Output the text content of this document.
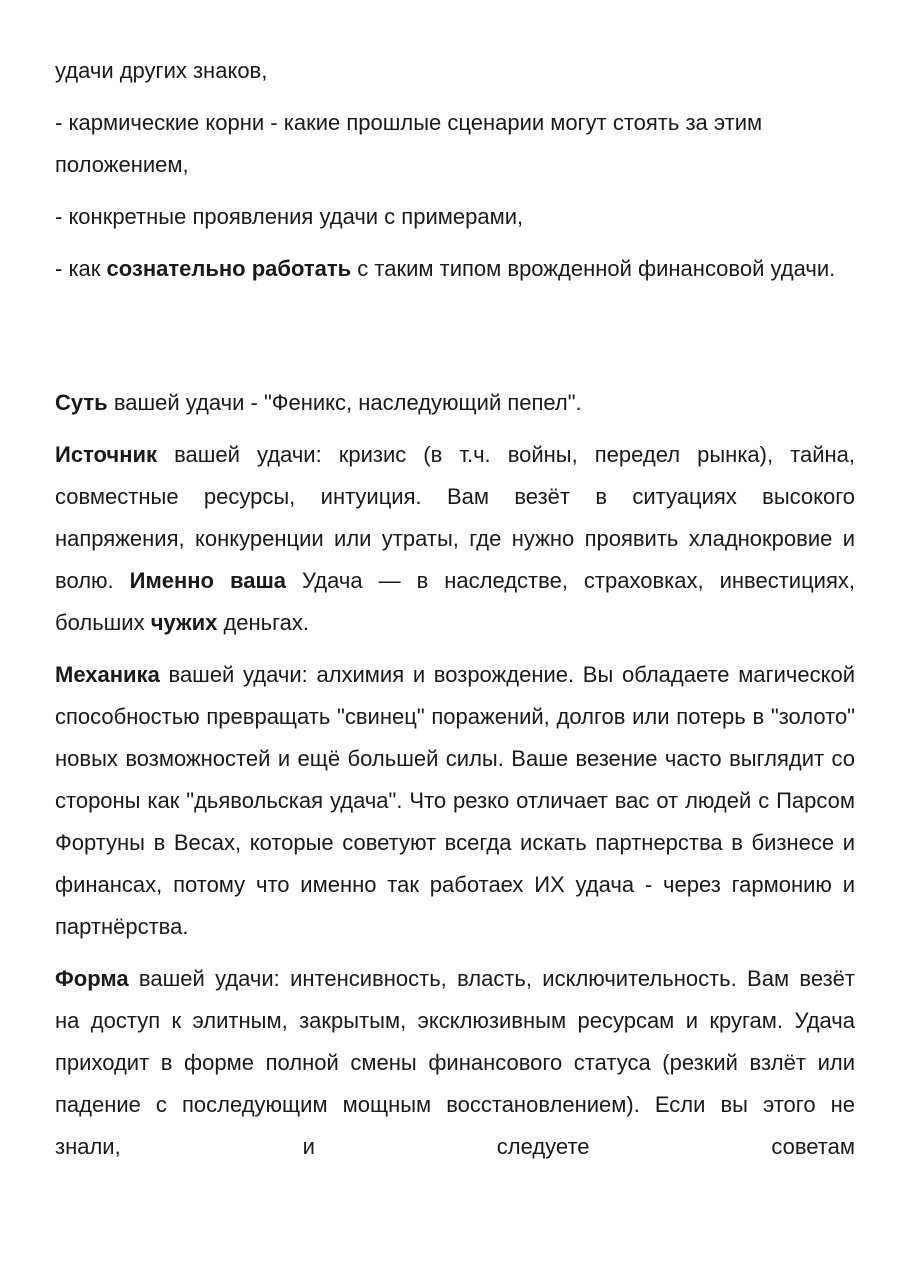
удачи других знаков,

- кармические корни - какие прошлые сценарии могут стоять за этим положением,

- конкретные проявления удачи с примерами,

- как сознательно работать с таким типом врожденной финансовой удачи.

Суть вашей удачи - "Феникс, наследующий пепел".

Источник вашей удачи: кризис (в т.ч. войны, передел рынка), тайна, совместные ресурсы, интуиция. Вам везёт в ситуациях высокого напряжения, конкуренции или утраты, где нужно проявить хладнокровие и волю. Именно ваша Удача — в наследстве, страховках, инвестициях, больших чужих деньгах.

Механика вашей удачи: алхимия и возрождение. Вы обладаете магической способностью превращать "свинец" поражений, долгов или потерь в "золото" новых возможностей и ещё большей силы. Ваше везение часто выглядит со стороны как "дьявольская удача". Что резко отличает вас от людей с Парсом Фортуны в Весах, которые советуют всегда искать партнерства в бизнесе и финансах, потому что именно так работаех ИХ удача - через гармонию и партнёрства.

Форма вашей удачи: интенсивность, власть, исключительность. Вам везёт на доступ к элитным, закрытым, эксклюзивным ресурсам и кругам. Удача приходит в форме полной смены финансового статуса (резкий взлёт или падение с последующим мощным восстановлением). Если вы этого не знали, и следуете советам
